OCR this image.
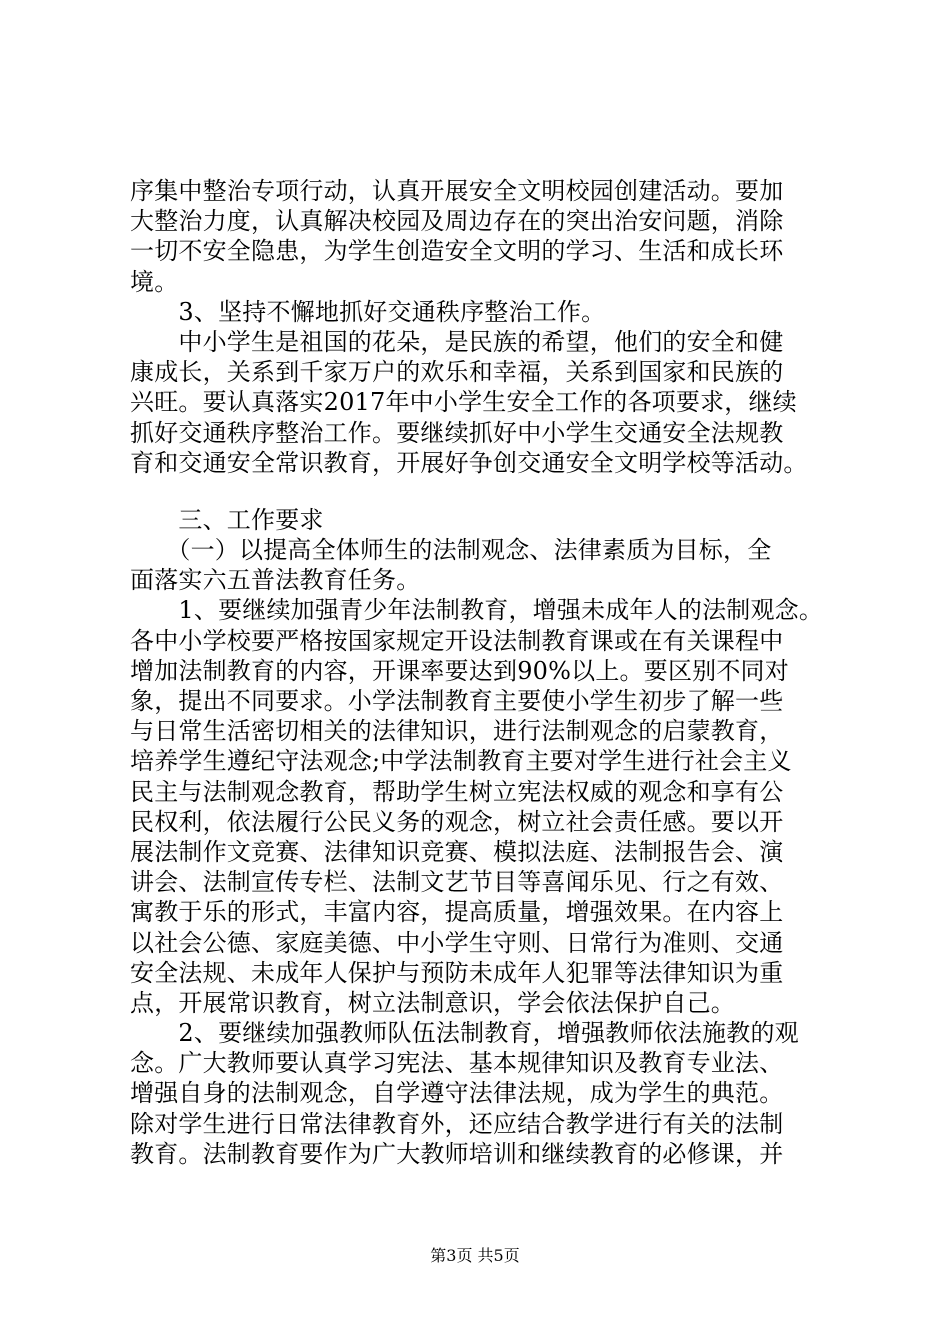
序集中整治专项行动，认真开展安全文明校园创建活动。要加
大整治力度，认真解决校园及周边存在的突出治安问题，消除
一切不安全隐患，为学生创造安全文明的学习、生活和成长环
境。
　　3、坚持不懈地抓好交通秩序整治工作。
　　中小学生是祖国的花朵，是民族的希望，他们的安全和健
康成长，关系到千家万户的欢乐和幸福，关系到国家和民族的
兴旺。要认真落实2017年中小学生安全工作的各项要求，继续
抓好交通秩序整治工作。要继续抓好中小学生交通安全法规教
育和交通安全常识教育，开展好争创交通安全文明学校等活动。
　　三、工作要求
　　（一）以提高全体师生的法制观念、法律素质为目标，全
面落实六五普法教育任务。
　　1、要继续加强青少年法制教育，增强未成年人的法制观念。
各中小学校要严格按国家规定开设法制教育课或在有关课程中
增加法制教育的内容，开课率要达到90%以上。要区别不同对
象，提出不同要求。小学法制教育主要使小学生初步了解一些
与日常生活密切相关的法律知识，进行法制观念的启蒙教育，
培养学生遵纪守法观念;中学法制教育主要对学生进行社会主义
民主与法制观念教育，帮助学生树立宪法权威的观念和享有公
民权利，依法履行公民义务的观念，树立社会责任感。要以开
展法制作文竞赛、法律知识竞赛、模拟法庭、法制报告会、演
讲会、法制宣传专栏、法制文艺节目等喜闻乐见、行之有效、
寓教于乐的形式，丰富内容，提高质量，增强效果。在内容上
以社会公德、家庭美德、中小学生守则、日常行为准则、交通
安全法规、未成年人保护与预防未成年人犯罪等法律知识为重
点，开展常识教育，树立法制意识，学会依法保护自己。
　　2、要继续加强教师队伍法制教育，增强教师依法施教的观
念。广大教师要认真学习宪法、基本规律知识及教育专业法、
增强自身的法制观念，自学遵守法律法规，成为学生的典范。
除对学生进行日常法律教育外，还应结合教学进行有关的法制
教育。法制教育要作为广大教师培训和继续教育的必修课，并
第3页 共5页
